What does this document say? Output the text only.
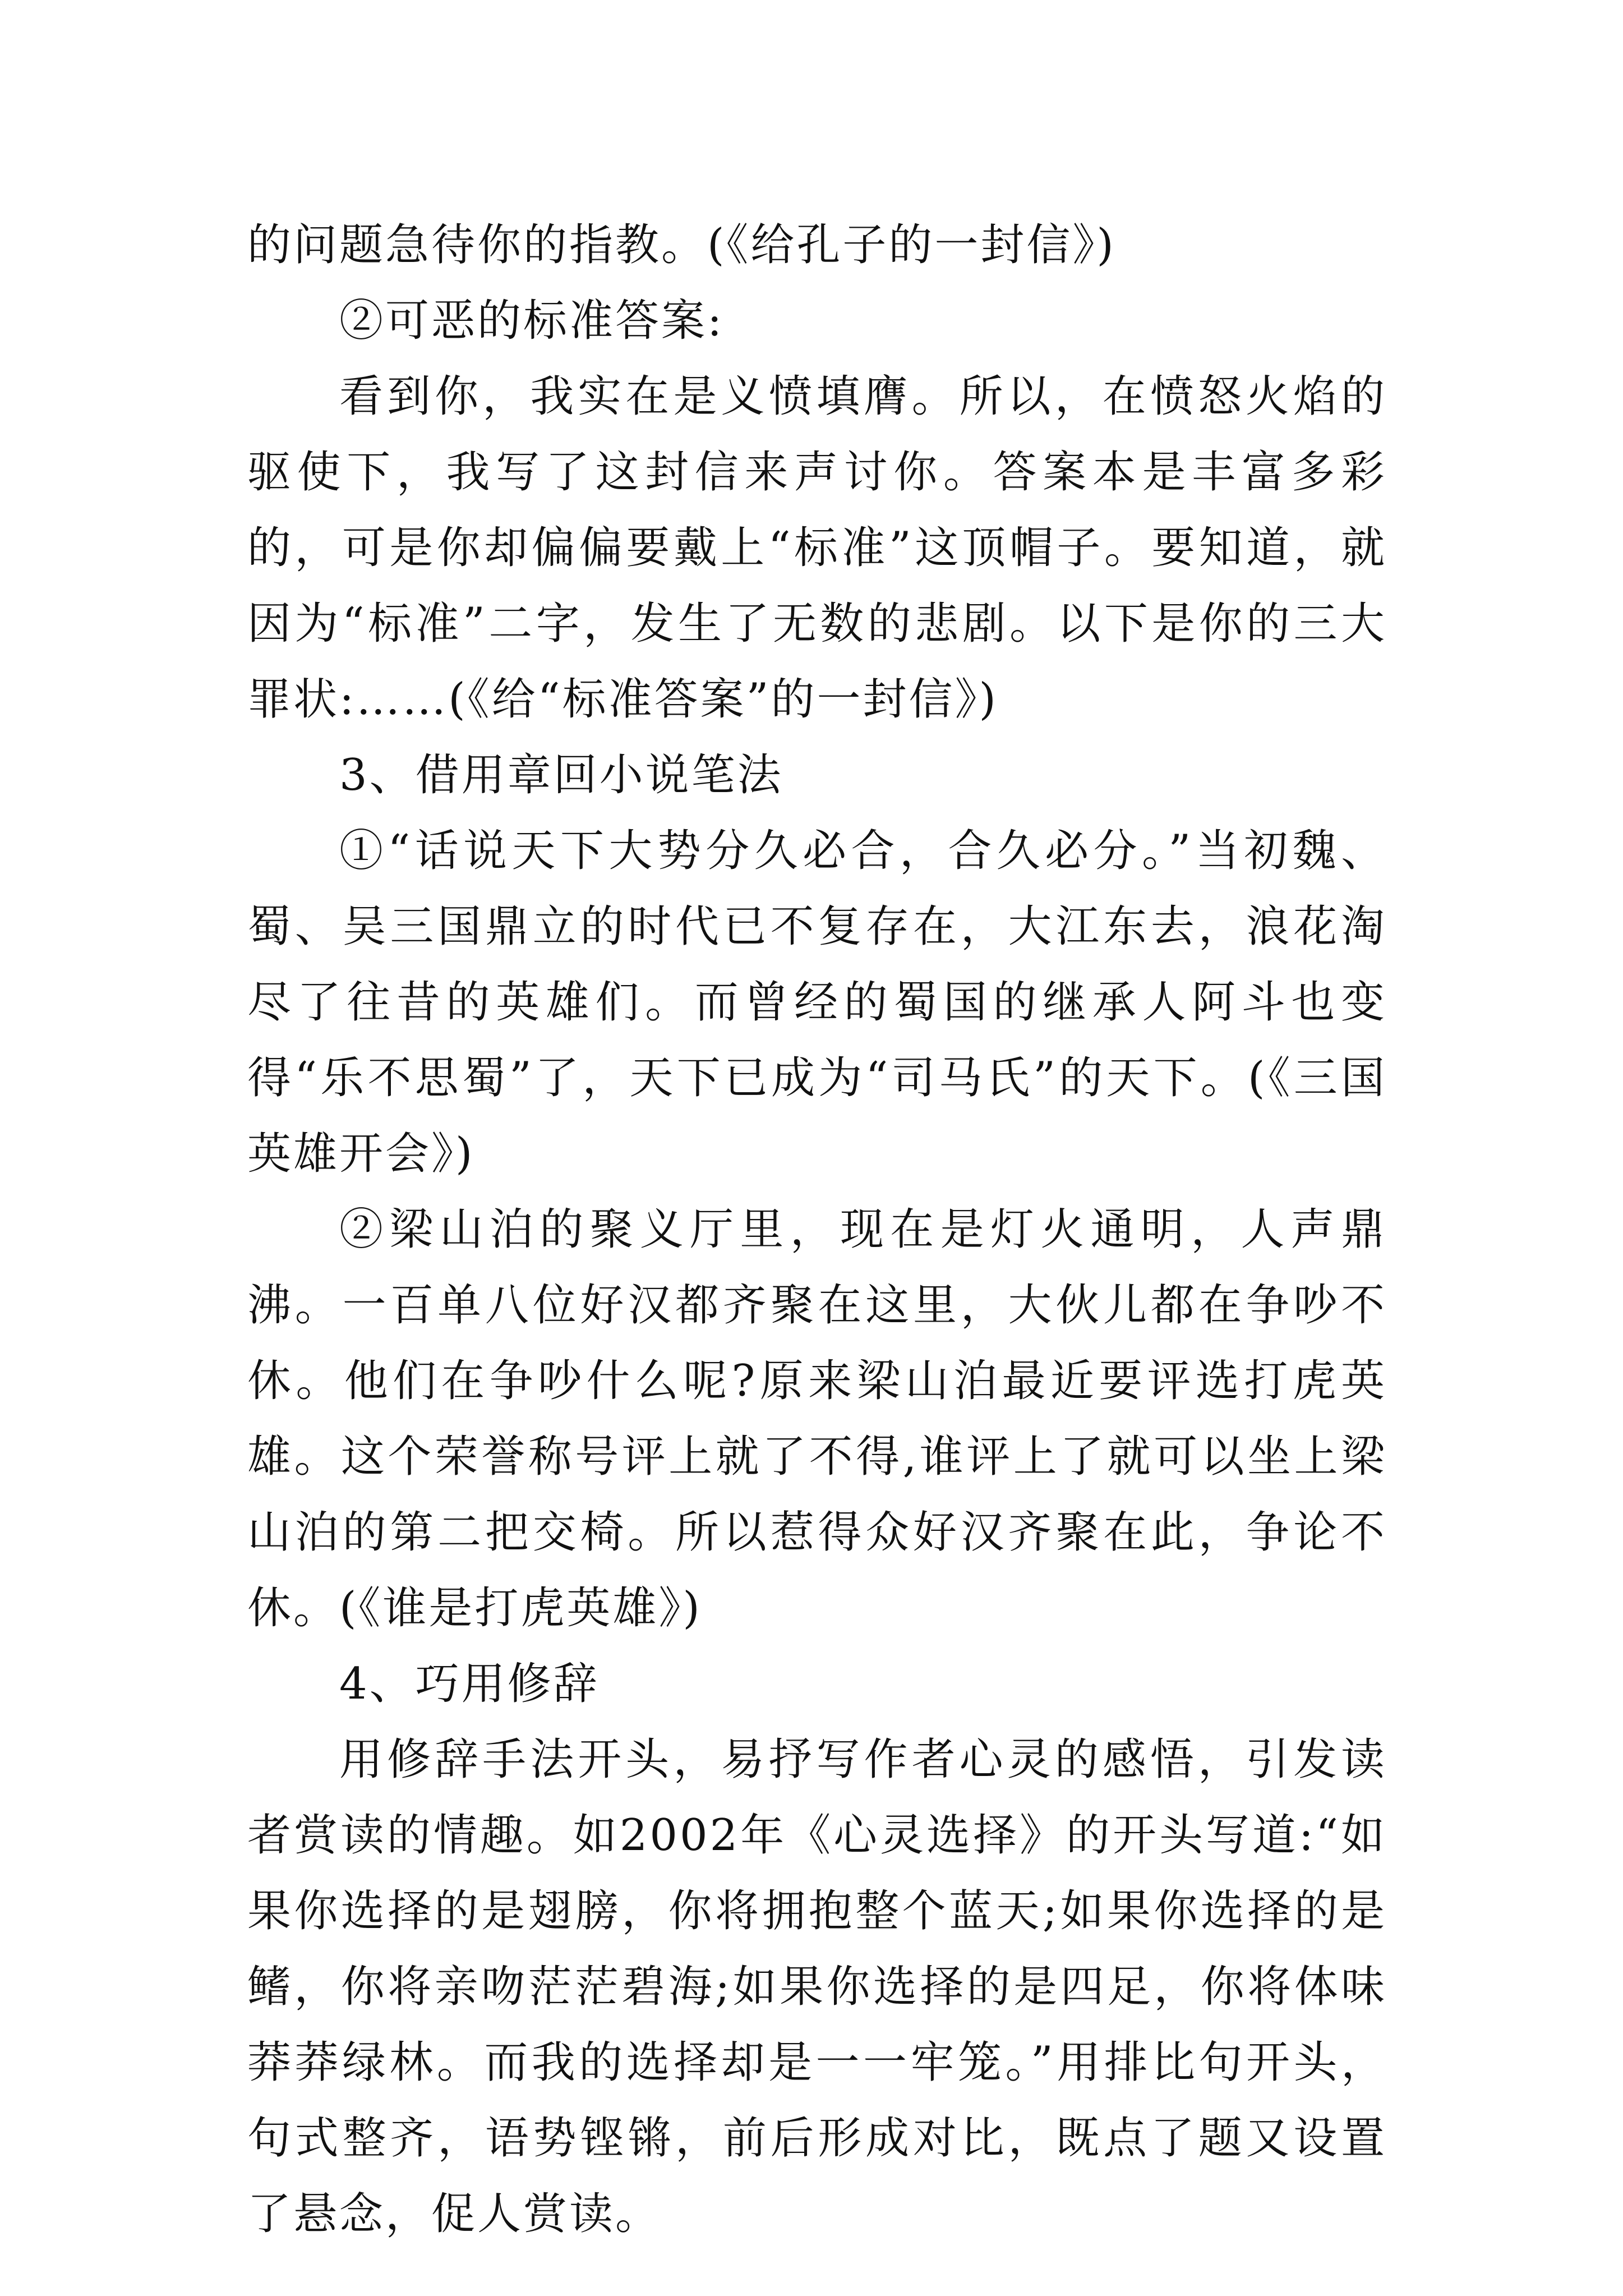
的问题急待你的指教。(《给孔子的一封信》)

②可恶的标准答案:

看到你，我实在是义愤填膺。所以，在愤怒火焰的驱使下，我写了这封信来声讨你。答案本是丰富多彩的，可是你却偏偏要戴上“标准”这顶帽子。要知道，就因为“标准”二字，发生了无数的悲剧。以下是你的三大罪状:……(《给“标准答案”的一封信》)

3、借用章回小说笔法

①“话说天下大势分久必合，合久必分。”当初魏、蜀、吴三国鼎立的时代已不复存在，大江东去，浪花淘尽了往昔的英雄们。而曾经的蜀国的继承人阿斗也变得“乐不思蜀”了，天下已成为“司马氏”的天下。(《三国英雄开会》)

②梁山泊的聚义厅里，现在是灯火通明，人声鼎沸。一百单八位好汉都齐聚在这里，大伙儿都在争吵不休。他们在争吵什么呢?原来梁山泊最近要评选打虎英雄。这个荣誉称号评上就了不得,谁评上了就可以坐上梁山泊的第二把交椅。所以惹得众好汉齐聚在此，争论不休。(《谁是打虎英雄》)

4、巧用修辞

用修辞手法开头，易抒写作者心灵的感悟，引发读者赏读的情趣。如2002年《心灵选择》的开头写道:“如果你选择的是翅膀，你将拥抱整个蓝天;如果你选择的是鳍，你将亲吻茫茫碧海;如果你选择的是四足，你将体味莽莽绿林。而我的选择却是一一牢笼。”用排比句开头，句式整齐，语势铿锵，前后形成对比，既点了题又设置了悬念，促人赏读。
